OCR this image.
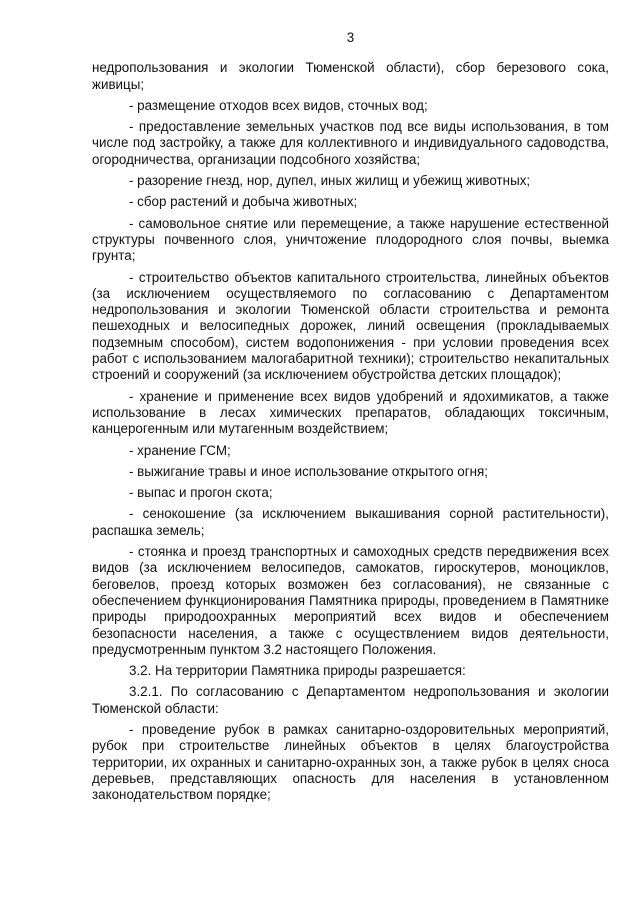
3

недропользования и экологии Тюменской области), сбор березового сока, живицы;

- размещение отходов всех видов, сточных вод;

- предоставление земельных участков под все виды использования, в том числе под застройку, а также для коллективного и индивидуального садоводства, огородничества, организации подсобного хозяйства;

- разорение гнезд, нор, дупел, иных жилищ и убежищ животных;

- сбор растений и добыча животных;

- самовольное снятие или перемещение, а также нарушение естественной структуры почвенного слоя, уничтожение плодородного слоя почвы, выемка грунта;

- строительство объектов капитального строительства, линейных объектов (за исключением осуществляемого по согласованию с Департаментом недропользования и экологии Тюменской области строительства и ремонта пешеходных и велосипедных дорожек, линий освещения (прокладываемых подземным способом), систем водопонижения - при условии проведения всех работ с использованием малогабаритной техники); строительство некапитальных строений и сооружений (за исключением обустройства детских площадок);

- хранение и применение всех видов удобрений и ядохимикатов, а также использование в лесах химических препаратов, обладающих токсичным, канцерогенным или мутагенным воздействием;

- хранение ГСМ;

- выжигание травы и иное использование открытого огня;

- выпас и прогон скота;

- сенокошение (за исключением выкашивания сорной растительности), распашка земель;

- стоянка и проезд транспортных и самоходных средств передвижения всех видов (за исключением велосипедов, самокатов, гироскутеров, моноциклов, беговелов, проезд которых возможен без согласования), не связанные с обеспечением функционирования Памятника природы, проведением в Памятнике природы природоохранных мероприятий всех видов и обеспечением безопасности населения, а также с осуществлением видов деятельности, предусмотренным пунктом 3.2 настоящего Положения.

3.2. На территории Памятника природы разрешается:

3.2.1. По согласованию с Департаментом недропользования и экологии Тюменской области:

- проведение рубок в рамках санитарно-оздоровительных мероприятий, рубок при строительстве линейных объектов в целях благоустройства территории, их охранных и санитарно-охранных зон, а также рубок в целях сноса деревьев, представляющих опасность для населения в установленном законодательством порядке;
